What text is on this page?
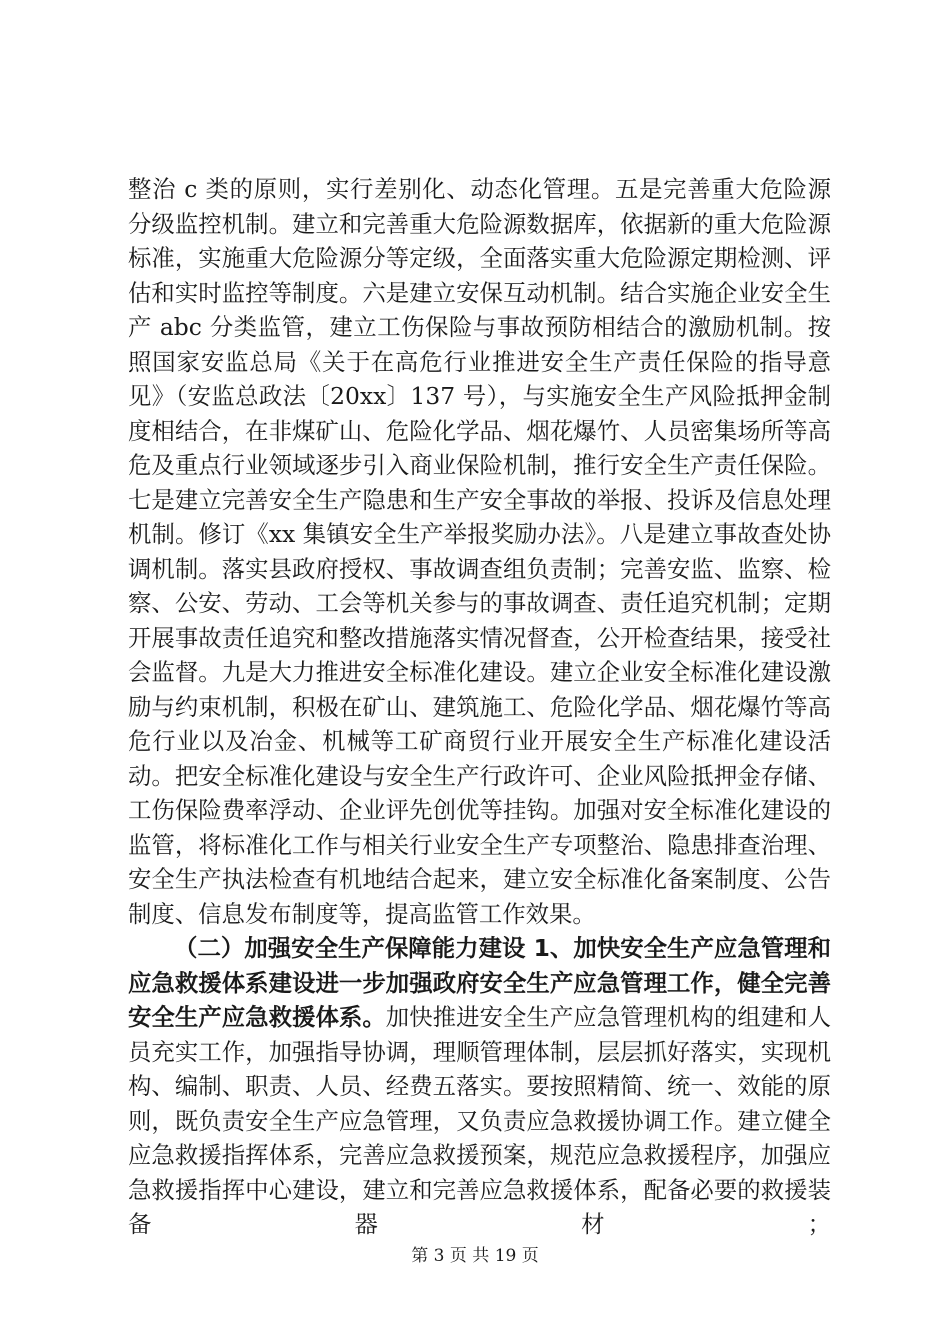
整治 c 类的原则，实行差别化、动态化管理。五是完善重大危险源分级监控机制。建立和完善重大危险源数据库，依据新的重大危险源标准，实施重大危险源分等定级，全面落实重大危险源定期检测、评估和实时监控等制度。六是建立安保互动机制。结合实施企业安全生产 abc 分类监管，建立工伤保险与事故预防相结合的激励机制。按照国家安监总局《关于在高危行业推进安全生产责任保险的指导意见》（安监总政法〔20xx〕137 号），与实施安全生产风险抵押金制度相结合，在非煤矿山、危险化学品、烟花爆竹、人员密集场所等高危及重点行业领域逐步引入商业保险机制，推行安全生产责任保险。七是建立完善安全生产隐患和生产安全事故的举报、投诉及信息处理机制。修订《xx 集镇安全生产举报奖励办法》。八是建立事故查处协调机制。落实县政府授权、事故调查组负责制；完善安监、监察、检察、公安、劳动、工会等机关参与的事故调查、责任追究机制；定期开展事故责任追究和整改措施落实情况督查，公开检查结果，接受社会监督。九是大力推进安全标准化建设。建立企业安全标准化建设激励与约束机制，积极在矿山、建筑施工、危险化学品、烟花爆竹等高危行业以及冶金、机械等工矿商贸行业开展安全生产标准化建设活动。把安全标准化建设与安全生产行政许可、企业风险抵押金存储、工伤保险费率浮动、企业评先创优等挂钩。加强对安全标准化建设的监管，将标准化工作与相关行业安全生产专项整治、隐患排查治理、安全生产执法检查有机地结合起来，建立安全标准化备案制度、公告制度、信息发布制度等，提高监管工作效果。

（二）加强安全生产保障能力建设 1、加快安全生产应急管理和应急救援体系建设进一步加强政府安全生产应急管理工作，健全完善安全生产应急救援体系。加快推进安全生产应急管理机构的组建和人员充实工作，加强指导协调，理顺管理体制，层层抓好落实，实现机构、编制、职责、人员、经费五落实。要按照精简、统一、效能的原则，既负责安全生产应急管理，又负责应急救援协调工作。建立健全应急救援指挥体系，完善应急救援预案，规范应急救援程序，加强应急救援指挥中心建设，建立和完善应急救援体系，配备必要的救援装备器材；

第 3 页 共 19 页
